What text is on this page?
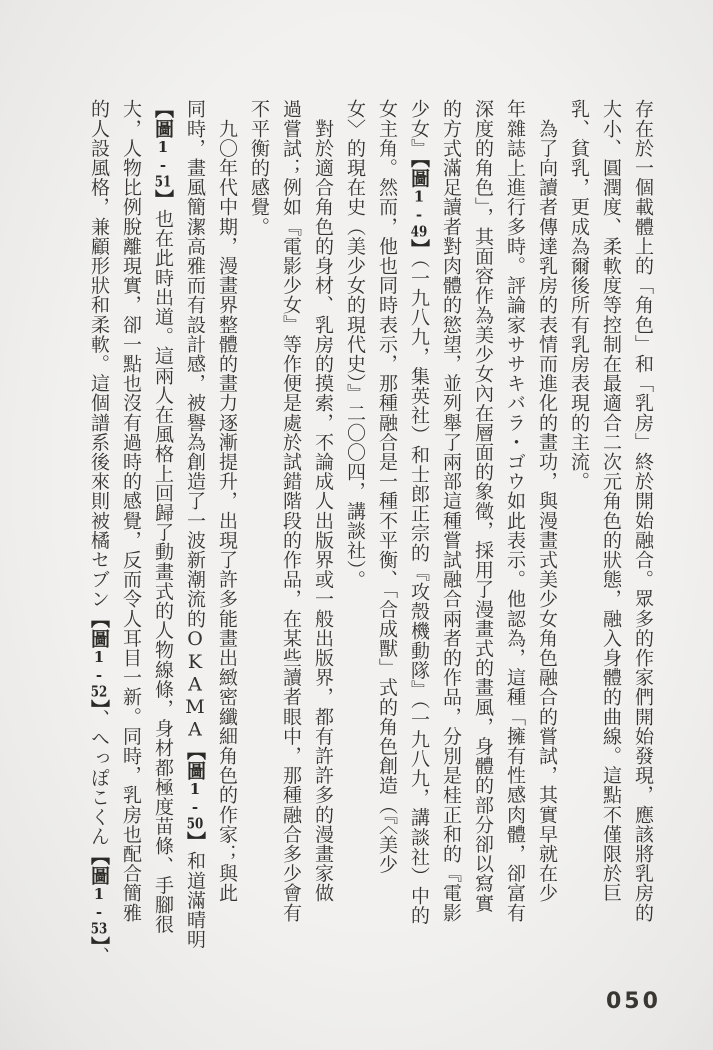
存在於一個載體上的「角色」和「乳房」終於開始融合。眾多的作家們開始發現，應該將乳房的
大小、圓潤度、柔軟度等控制在最適合二次元角色的狀態，融入身體的曲線。這點不僅限於巨
乳、貧乳，更成為爾後所有乳房表現的主流。
　為了向讀者傳達乳房的表情而進化的畫功，與漫畫式美少女角色融合的嘗試，其實早就在少
年雜誌上進行多時。評論家ササキバラ・ゴウ如此表示。他認為，這種「擁有性感肉體，卻富有
深度的角色」，其面容作為美少女內在層面的象徵，採用了漫畫式的畫風，身體的部分卻以寫實
的方式滿足讀者對肉體的慾望，並列舉了兩部這種嘗試融合兩者的作品，分別是桂正和的『電影
少女』【圖1-49】（一九八九，集英社）和士郎正宗的『攻殼機動隊』（一九八九，講談社）中的
女主角。然而，他也同時表示，那種融合是一種不平衡、「合成獸」式的角色創造（『〈美少
女〉的現在史（美少女的現代史）』二〇〇四，講談社）。
　對於適合角色的身材、乳房的摸索，不論成人出版界或一般出版界，都有許許多的漫畫家做
過嘗試；例如『電影少女』等作便是處於試錯階段的作品，在某些讀者眼中，那種融合多少會有
不平衡的感覺。
　九〇年代中期，漫畫界整體的畫力逐漸提升，出現了許多能畫出緻密纖細角色的作家；與此
同時，畫風簡潔高雅而有設計感，被譽為創造了一波新潮流的OKAMA【圖1-50】和道滿晴明
【圖1-51】也在此時出道。這兩人在風格上回歸了動畫式的人物線條，身材都極度苗條、手腳很
大，人物比例脫離現實，卻一點也沒有過時的感覺，反而令人耳目一新。同時，乳房也配合簡雅
的人設風格，兼顧形狀和柔軟。這個譜系後來則被橘セブン【圖1-52】、へっぽこくん【圖1-53】、
050
